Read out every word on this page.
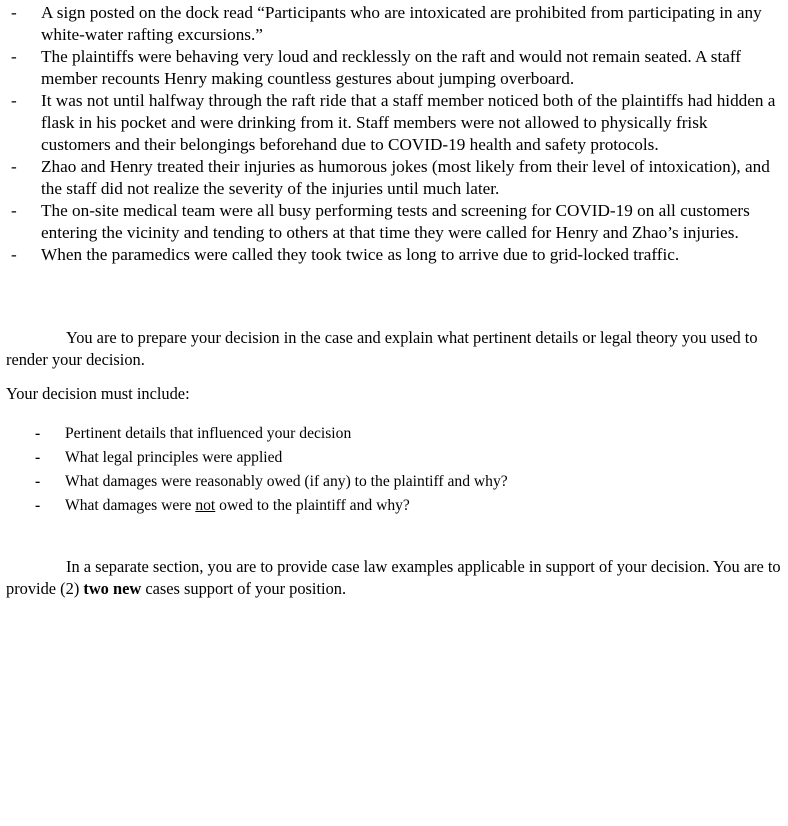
- A sign posted on the dock read “Participants who are intoxicated are prohibited from participating in any white-water rafting excursions.”
- The plaintiffs were behaving very loud and recklessly on the raft and would not remain seated. A staff member recounts Henry making countless gestures about jumping overboard.
- It was not until halfway through the raft ride that a staff member noticed both of the plaintiffs had hidden a flask in his pocket and were drinking from it. Staff members were not allowed to physically frisk customers and their belongings beforehand due to COVID-19 health and safety protocols.
- Zhao and Henry treated their injuries as humorous jokes (most likely from their level of intoxication), and the staff did not realize the severity of the injuries until much later.
- The on-site medical team were all busy performing tests and screening for COVID-19 on all customers entering the vicinity and tending to others at that time they were called for Henry and Zhao’s injuries.
- When the paramedics were called they took twice as long to arrive due to grid-locked traffic.

You are to prepare your decision in the case and explain what pertinent details or legal theory you used to render your decision.

Your decision must include:

- Pertinent details that influenced your decision
- What legal principles were applied
- What damages were reasonably owed (if any) to the plaintiff and why?
- What damages were not owed to the plaintiff and why?

In a separate section, you are to provide case law examples applicable in support of your decision. You are to provide (2) two new cases support of your position.
